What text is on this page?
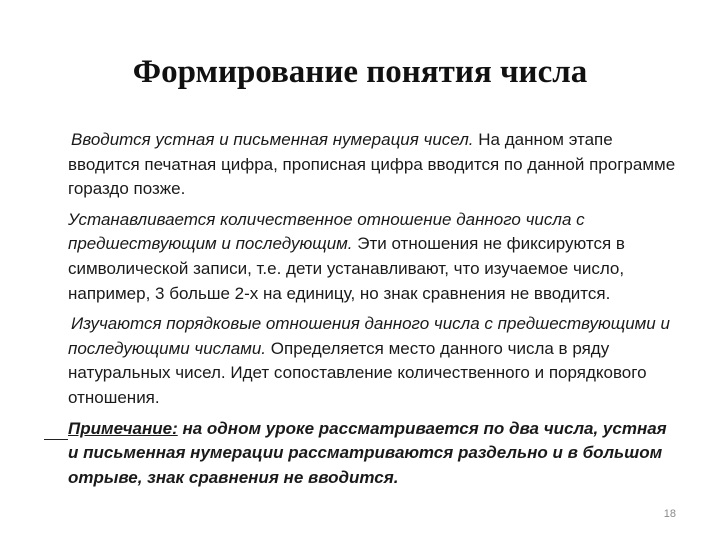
Формирование понятия числа

Вводится устная и письменная нумерация чисел. На данном этапе вводится печатная цифра, прописная цифра вводится по данной программе гораздо позже.

Устанавливается количественное отношение данного числа с предшествующим и последующим. Эти отношения не фиксируются в символической записи, т.е. дети устанавливают, что изучаемое число, например, 3 больше 2-х на единицу, но знак сравнения не вводится.

Изучаются порядковые отношения данного числа с предшествующими и последующими числами. Определяется место данного числа в ряду натуральных чисел. Идет сопоставление количественного и порядкового отношения.

Примечание: на одном уроке рассматривается по два числа, устная и письменная нумерации рассматриваются раздельно и в большом отрыве, знак сравнения не вводится.

18
